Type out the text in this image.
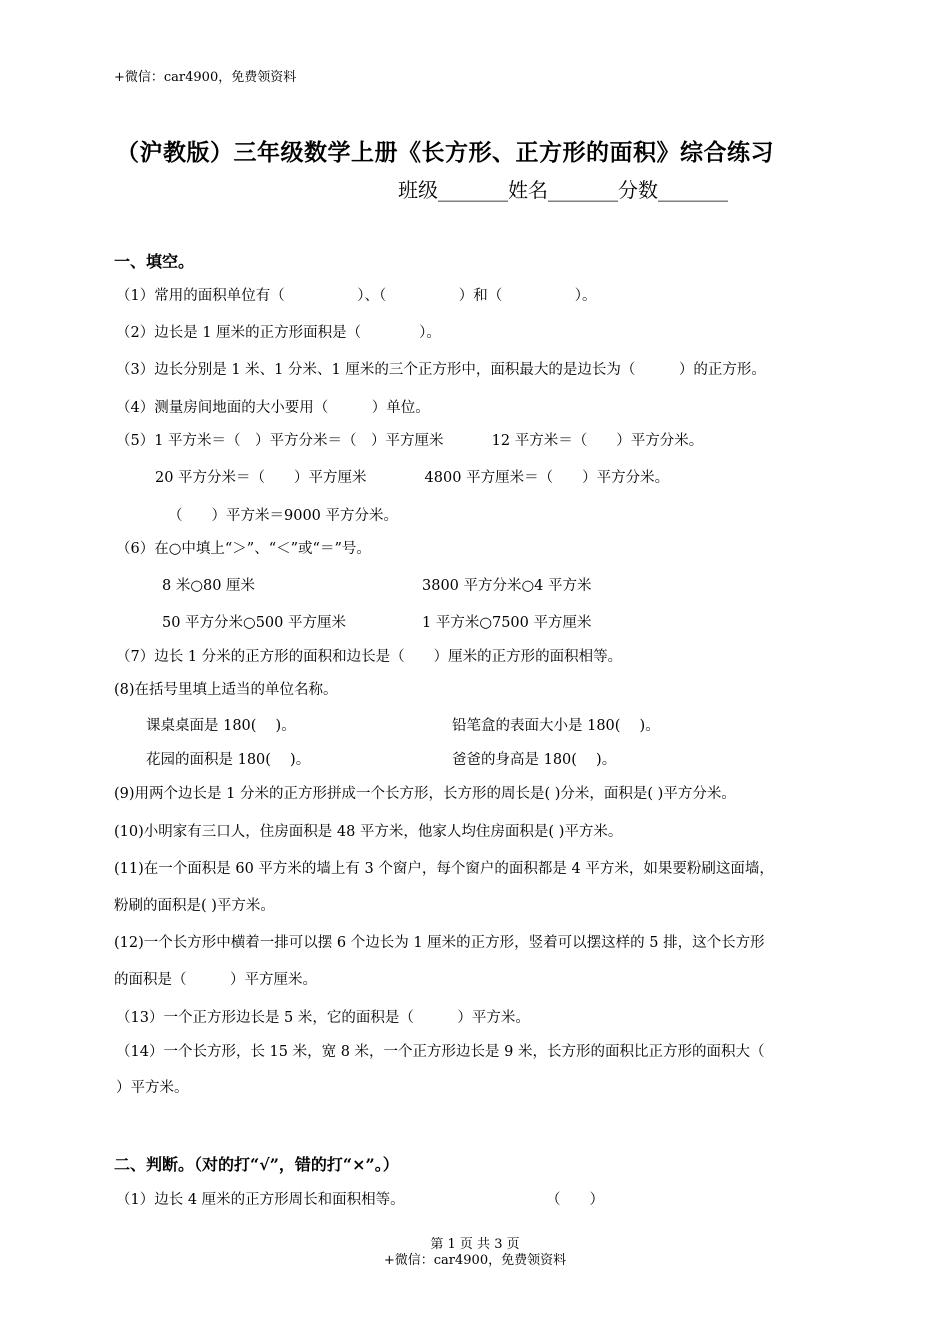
+微信：car4900，免费领资料
（沪教版）三年级数学上册《长方形、正方形的面积》综合练习
班级_______姓名_______分数_______
一、填空。
（1）常用的面积单位有（　　　　　）、（　　　　　）和（　　　　　）。
（2）边长是 1 厘米的正方形面积是（　　　　）。
（3）边长分别是 1 米、1 分米、1 厘米的三个正方形中，面积最大的是边长为（　　　）的正方形。
（4）测量房间地面的大小要用（　　　）单位。
（5）1 平方米＝（　）平方分米＝（　）平方厘米　　　 12 平方米＝（　　）平方分米。
20 平方分米＝（　　）平方厘米　　　　4800 平方厘米＝（　　）平方分米。
（　　）平方米＝9000 平方分米。
（6）在○中填上“＞”、“＜”或“＝”号。
8 米○80 厘米	3800 平方分米○4 平方米
50 平方分米○500 平方厘米	1 平方米○7500 平方厘米
（7）边长 1 分米的正方形的面积和边长是（　　）厘米的正方形的面积相等。
(8)在括号里填上适当的单位名称。
课桌桌面是 180(　 )。	铅笔盒的表面大小是 180(　 )。
花园的面积是 180(　 )。	爸爸的身高是 180(　 )。
(9)用两个边长是 1 分米的正方形拼成一个长方形，长方形的周长是( )分米，面积是( )平方分米。
(10)小明家有三口人，住房面积是 48 平方米，他家人均住房面积是( )平方米。
(11)在一个面积是 60 平方米的墙上有 3 个窗户，每个窗户的面积都是 4 平方米，如果要粉刷这面墙，
粉刷的面积是( )平方米。
(12)一个长方形中横着一排可以摆 6 个边长为 1 厘米的正方形，竖着可以摆这样的 5 排，这个长方形
的面积是（　　　）平方厘米。
（13）一个正方形边长是 5 米，它的面积是（　　　）平方米。
（14）一个长方形，长 15 米，宽 8 米，一个正方形边长是 9 米，长方形的面积比正方形的面积大（
）平方米。
二、判断。（对的打“√”，错的打“×”。）
（1）边长 4 厘米的正方形周长和面积相等。	（　　）
第 1 页 共 3 页
+微信：car4900，免费领资料
